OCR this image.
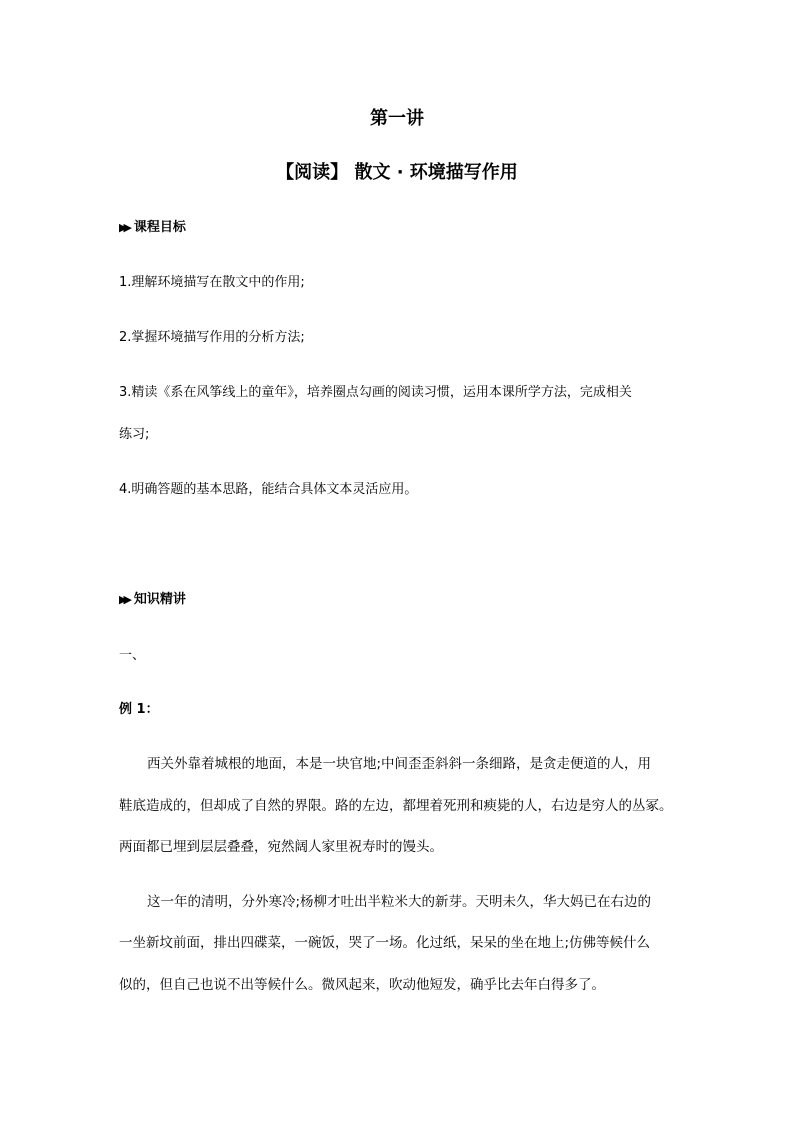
第一讲
【阅读】 散文 · 环境描写作用
▶▶ 课程目标
1.理解环境描写在散文中的作用;
2.掌握环境描写作用的分析方法;
3.精读《系在风筝线上的童年》，培养圈点勾画的阅读习惯，运用本课所学方法，完成相关
练习;
4.明确答题的基本思路，能结合具体文本灵活应用。
▶▶ 知识精讲
一、
例 1：
西关外靠着城根的地面，本是一块官地;中间歪歪斜斜一条细路，是贪走便道的人，用
鞋底造成的，但却成了自然的界限。路的左边，都埋着死刑和瘐毙的人，右边是穷人的丛冢。
两面都已埋到层层叠叠，宛然阔人家里祝寿时的馒头。
这一年的清明，分外寒冷;杨柳才吐出半粒米大的新芽。天明未久，华大妈已在右边的
一坐新坟前面，排出四碟菜，一碗饭，哭了一场。化过纸，呆呆的坐在地上;仿佛等候什么
似的，但自己也说不出等候什么。微风起来，吹动他短发，确乎比去年白得多了。
